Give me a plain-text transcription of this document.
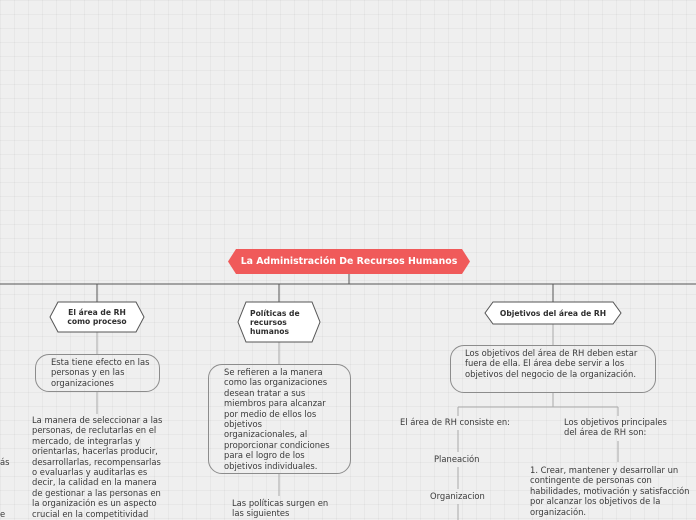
La Administración De Recursos Humanos
El área de RH como proceso
Esta tiene efecto en las personas y en las organizaciones
La manera de seleccionar a las personas, de reclutarlas en el mercado, de integrarlas y orientarlas, hacerlas producir, desarrollarlas, recompensarlas o evaluarlas y auditarlas es decir, la calidad en la manera de gestionar a las personas en la organización es un aspecto crucial en la competitividad
Políticas de recursos humanos
Se refieren a la manera como las organizaciones desean tratar a sus miembros para alcanzar por medio de ellos los objetivos organizacionales, al proporcionar condiciones para el logro de los objetivos individuales.
Las políticas surgen en las siguientes
Objetivos del área de RH
Los objetivos del área de RH deben estar fuera de ella. El área debe servir a los objetivos del negocio de la organización.
El área de RH consiste en:
Planeación
Organizacion
Los objetivos principales del área de RH son:
1. Crear, mantener y desarrollar un contingente de personas con habilidades, motivación y satisfacción por alcanzar los objetivos de la organización.
ás
e
